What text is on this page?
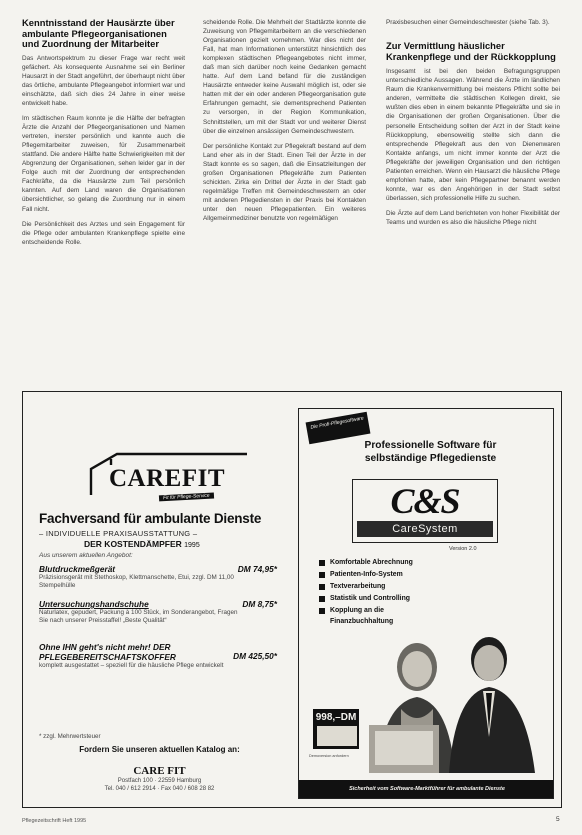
Kenntnisstand der Hausärzte über ambulante Pflegeorganisationen und Zuordnung der Mitarbeiter

Das Antwortspektrum zu dieser Frage war recht weit gefächert. Als konsequente Ausnahme sei ein Berliner Hausarzt in der Stadt angeführt, der überhaupt nicht über das örtliche, ambulante Pflegeangebot informiert war und einschätzte, daß sich dies 24 Jahre in einer weise entwickelt habe.

Im städtischen Raum konnte je die Hälfte der befragten Ärzte die Anzahl der Pflegeorganisationen und Namen vertreten, inerster persönlich und kannte auch die Pflegemitarbeiter zuweisen, für Zusammenarbeit stattfand. Die andere Hälfte hatte Schwierigkeiten mit der Abgrenzung der Organisationen, sehen leider gar in der Folge auch mit der Zuordnung der entsprechenden Fachkräfte, da die Hausärzte zum Teil persönlich kannten. Auf dem Land waren die Organisationen übersichtlicher, so gelang die Zuordnung nur in einem Fall nicht.

Die Persönlichkeit des Arztes und sein Engagement für die Pflege oder ambulanten Krankenpflege spielte eine entscheidende Rolle.

scheidende Rolle. Die Mehrheit der Stadtärzte konnte die Zuweisung von Pflegemitarbeitern an die verschiedenen Organisationen gezielt vornehmen. War dies nicht der Fall, hat man Informationen unterstützt hinsichtlich des komplexen städtischen Pflegeangebotes nicht immer, daß man sich darüber noch keine Gedanken gemacht hatte. Auf dem Land befand für die zuständigen Hausärzte entweder keine Auswahl möglich ist, oder sie hatten mit der ein oder anderen Pflegeorganisation gute Erfahrungen gemacht, sie dementsprechend Patienten zu versorgen, in der Region Kommunikation, Schnittstellen, um mit der Stadt vor und weiterer Dienst über die einzelnen ansässigen Gemeindeschwestern.

Der persönliche Kontakt zur Pflegekraft bestand auf dem Land eher als in der Stadt. Einen Teil der Ärzte in der Stadt konnte es so sagen, daß die Einsatzleitungen der großen Organisationen Pflegekräfte zum Patienten schickten. Zirka ein Drittel der Ärzte in der Stadt gab regelmäßige Treffen mit Gemeindeschwestern an oder mit anderen Pflegediensten in der Praxis bei Kontakten unter den neuen Pflegepatienten. Ein weiteres Allgemeinmediziner benutzte von regelmäßigen

Praxisbesuchen einer Gemeindeschwester (siehe Tab. 3).

Zur Vermittlung häuslicher Krankenpflege und der Rückkopplung

Insgesamt ist bei den beiden Befragungsgruppen unterschiedliche Aussagen. Während die Ärzte im ländlichen Raum die Krankenvermittlung bei meistens Pflicht sollte bei anderen, vermittelte die städtischen Kollegen direkt, sie wußten dies eben in einem bekannte Pflegekräfte und sie in die Organisationen der großen Organisationen. Über die personelle Entscheidung sollten der Arzt in der Stadt keine Rückkopplung, ebensoweitig stellte sich dann die entsprechende Pflegekraft aus den von Dienenwaren Kontakte anfangs, um nicht immer konnte der Arzt die Pflegekräfte der jeweiligen Organisation und den richtigen Patienten erreichen. Wenn ein Hausarzt die häusliche Pflege empfohlen hatte, aber kein Pflegepartner benannt werden konnte, war es den Angehörigen in der Stadt selbst überlassen, sich professionelle Hilfe zu suchen.

Die Ärzte auf dem Land berichteten von hoher Flexibilität der Teams und wurden es also die häusliche Pflege nicht

CAREFIT
Fit für Pflege-Service
Fachversand für ambulante Dienste
– INDIVIDUELLE PRAXISAUSSTATTUNG –
DER KOSTENDÄMPFER 1995
Aus unserem aktuellen Angebot:
Blutdruckmeßgerät	DM 74,95*
Präzisionsgerät mit Stethoskop, Klettmanschette, Etui, zzgl. DM 11,00 Stempelhülle
Untersuchungshandschuhe	DM 8,75*
Naturlatex, gepudert, Packung à 100 Stück, im Sonderangebot, Fragen Sie nach unserer Preisstaffel! „Beste Qualität“
Ohne IHN geht's nicht mehr! DER PFLEGEBEREITSCHAFTSKOFFER	DM 425,50*
komplett ausgestattet – speziell für die häusliche Pflege entwickelt
* zzgl. Mehrwertsteuer
Fordern Sie unseren aktuellen Katalog an:
CARE FIT
Postfach 100 · 22559 Hamburg
Tel. 040 / 612 2914 · Fax 040 / 608 28 82
Die Profi-Pflegesoftware
Professionelle Software für
selbständige Pflegedienste
C&S
CareSystem
Version 2.0
Komfortable Abrechnung
Patienten-Info-System
Textverarbeitung
Statistik und Controlling
Kopplung an die
Finanzbuchhaltung
998,–DM
Demoversion anfordern
Sicherheit vom Software-Marktführer für ambulante Dienste
Pflegezeitschrift Heft 1995	5
